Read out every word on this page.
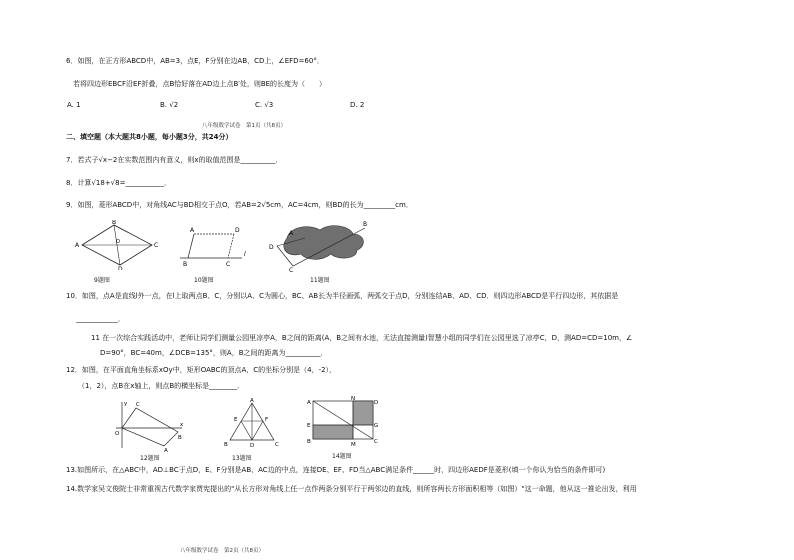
6．如图，在正方形ABCD中，AB=3，点E，F分别在边AB，CD上，∠EFD=60°．
若将四边形EBCF沿EF折叠，点B恰好落在AD边上点B′处，则BE的长度为（　　）
A. 1	B. √2	C. √3	D. 2
八年级数学试卷　第1页（共8页）
二、填空题（本大题共8小题，每小题3分，共24分）
7．若式子√x−2在实数范围内有意义，则x的取值范围是__________．
8．计算√18+√8=___________．
9．如图，菱形ABCD中，对角线AC与BD相交于点O，若AB=2√5cm，AC=4cm，则BD的长为_________cm．
A
B
C
D
O
9题图
A
B	C
D
l
10题图
D
C
B
A
11题图
10．如图，点A是直线l外一点，在l上取两点B、C，分别以A、C为圆心，BC、AB长为半径画弧，两弧交于点D，分别连结AB、AD、CD．则四边形ABCD是平行四边形，其依据是
____________．
11 在一次综合实践活动中，老师让同学们测量公园里凉亭A，B之间的距离(A，B之间有水池，无法直接测量)智慧小组的同学们在公园里选了凉亭C，D，测AD=CD=10m，∠
D=90°，BC=40m，∠DCB=135°，则A，B之间的距离为__________．
12．如图，在平面直角坐标系xOy中，矩形OABC的顶点A，C的坐标分别是（4，-2），
（1，2），点B在x轴上，则点B的横坐标是________．
y
x
O
A
B
C
12题图
A
B	C
D
E	F
13题图
A
B	C
D
E	G
M
N
14题图
13.如图所示，在△ABC中，AD⊥BC于点D，E、F分别是AB、AC边的中点，连接DE、EF、FD当△ABC满足条件______时，四边形AEDF是菱形(填一个你认为恰当的条件即可)
14.数学家吴文俊院士非常重视古代数学家贾宪提出的"从长方形对角线上任一点作两条分别平行于两邻边的直线，则所容两长方形面积相等（如图）"这一命题，他从这一推论出发，利用
八年级数学试卷　第2页（共8页）
